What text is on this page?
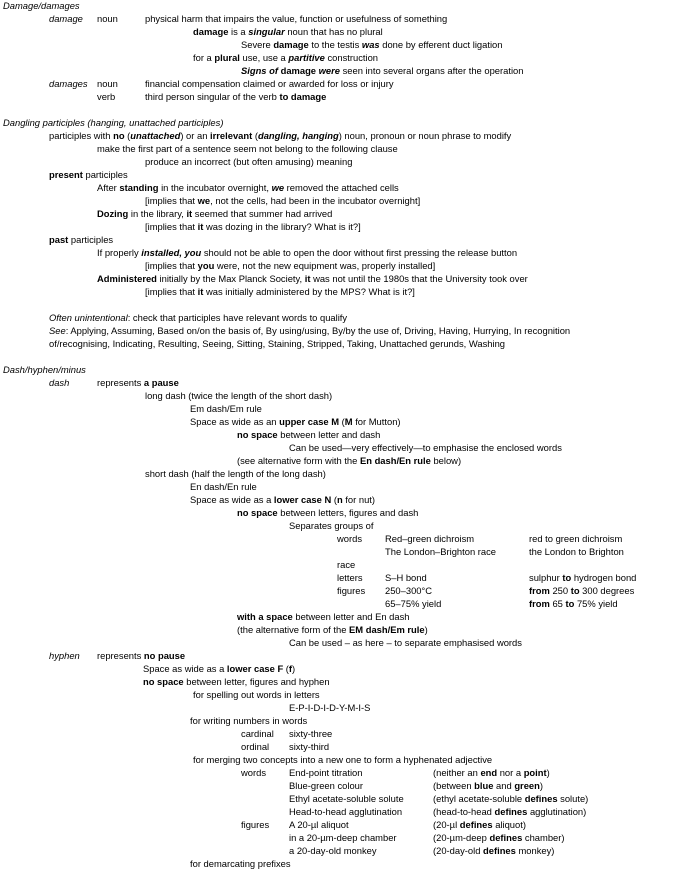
Damage/damages
damage noun	physical harm that impairs the value, function or usefulness of something
damage is a singular noun that has no plural
Severe damage to the testis was done by efferent duct ligation
for a plural use, use a partitive construction
Signs of damage were seen into several organs after the operation
damages noun	financial compensation claimed or awarded for loss or injury
verb	third person singular of the verb to damage
Dangling participles (hanging, unattached participles)
participles with no (unattached) or an irrelevant (dangling, hanging) noun, pronoun or noun phrase to modify
make the first part of a sentence seem not belong to the following clause
produce an incorrect (but often amusing) meaning
present participles
After standing in the incubator overnight, we removed the attached cells
[implies that we, not the cells, had been in the incubator overnight]
Dozing in the library, it seemed that summer had arrived
[implies that it was dozing in the library? What is it?]
past participles
If properly installed, you should not be able to open the door without first pressing the release button
[implies that you were, not the new equipment was, properly installed]
Administered initially by the Max Planck Society, it was not until the 1980s that the University took over
[implies that it was initially administered by the MPS? What is it?]
Often unintentional: check that participles have relevant words to qualify
See: Applying, Assuming, Based on/on the basis of, By using/using, By/by the use of, Driving, Having, Hurrying, In recognition
of/recognising, Indicating, Resulting, Seeing, Sitting, Staining, Stripped, Taking, Unattached gerunds, Washing
Dash/hyphen/minus
dash	represents a pause
long dash (twice the length of the short dash)
Em dash/Em rule
Space as wide as an upper case M (M for Mutton)
no space between letter and dash
Can be used—very effectively—to emphasise the enclosed words
(see alternative form with the En dash/En rule below)
short dash (half the length of the long dash)
En dash/En rule
Space as wide as a lower case N (n for nut)
no space between letters, figures and dash
Separates groups of
words Red–green dichroism	red to green dichroism
The London–Brighton race	the London to Brighton
race
letters S–H bond	sulphur to hydrogen bond
figures 250–300°C	from 250 to 300 degrees
65–75% yield	from 65 to 75% yield
with a space between letter and En dash
(the alternative form of the EM dash/Em rule)
Can be used – as here – to separate emphasised words
hyphen represents no pause
Space as wide as a lower case F (f)
no space between letter, figures and hyphen
for spelling out words in letters
E-P-I-D-I-D-Y-M-I-S
for writing numbers in words
cardinal sixty-three
ordinal sixty-third
for merging two concepts into a new one to form a hyphenated adjective
words End-point titration	(neither an end nor a point)
Blue-green colour	(between blue and green)
Ethyl acetate-soluble solute	(ethyl acetate-soluble defines solute)
Head-to-head agglutination	(head-to-head defines agglutination)
figures A 20-µl aliquot	(20-µl defines aliquot)
in a 20-µm-deep chamber	(20-µm-deep defines chamber)
a 20-day-old monkey	(20-day-old defines monkey)
for demarcating prefixes
